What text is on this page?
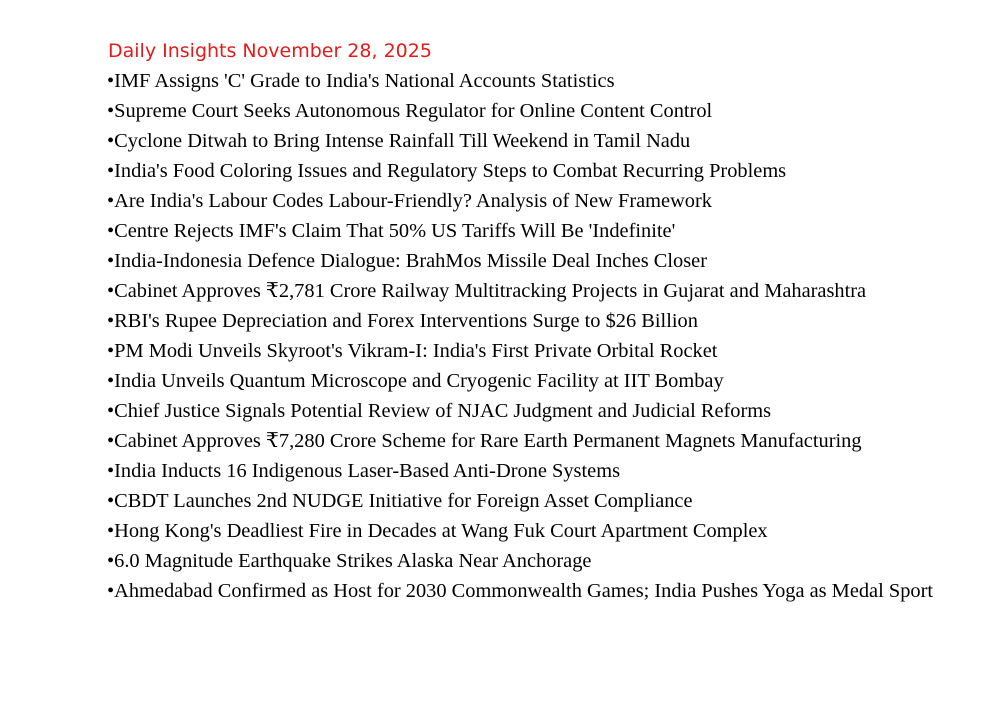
Daily Insights November 28, 2025
•IMF Assigns 'C' Grade to India's National Accounts Statistics
•Supreme Court Seeks Autonomous Regulator for Online Content Control
•Cyclone Ditwah to Bring Intense Rainfall Till Weekend in Tamil Nadu
•India's Food Coloring Issues and Regulatory Steps to Combat Recurring Problems
•Are India's Labour Codes Labour-Friendly? Analysis of New Framework
•Centre Rejects IMF's Claim That 50% US Tariffs Will Be 'Indefinite'
•India-Indonesia Defence Dialogue: BrahMos Missile Deal Inches Closer
•Cabinet Approves ₹2,781 Crore Railway Multitracking Projects in Gujarat and Maharashtra
•RBI's Rupee Depreciation and Forex Interventions Surge to $26 Billion
•PM Modi Unveils Skyroot's Vikram-I: India's First Private Orbital Rocket
•India Unveils Quantum Microscope and Cryogenic Facility at IIT Bombay
•Chief Justice Signals Potential Review of NJAC Judgment and Judicial Reforms
•Cabinet Approves ₹7,280 Crore Scheme for Rare Earth Permanent Magnets Manufacturing
•India Inducts 16 Indigenous Laser-Based Anti-Drone Systems
•CBDT Launches 2nd NUDGE Initiative for Foreign Asset Compliance
•Hong Kong's Deadliest Fire in Decades at Wang Fuk Court Apartment Complex
•6.0 Magnitude Earthquake Strikes Alaska Near Anchorage
•Ahmedabad Confirmed as Host for 2030 Commonwealth Games; India Pushes Yoga as Medal Sport
